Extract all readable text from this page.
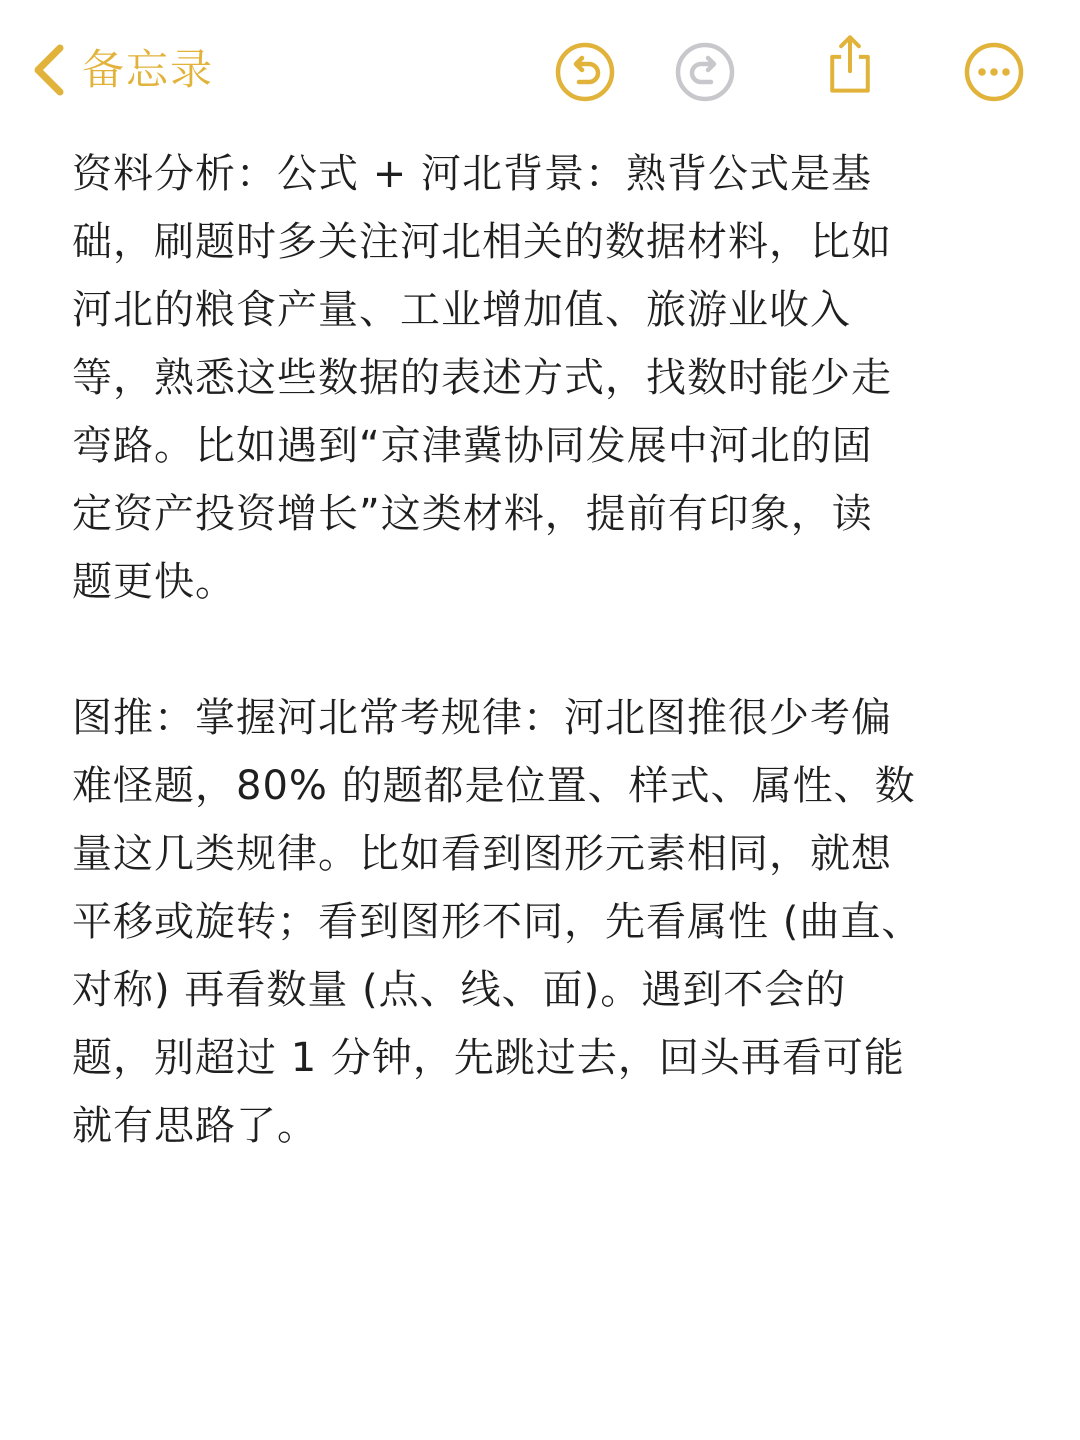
备忘录

资料分析：公式 + 河北背景：熟背公式是基
础，刷题时多关注河北相关的数据材料，比如
河北的粮食产量、工业增加值、旅游业收入
等，熟悉这些数据的表述方式，找数时能少走
弯路。比如遇到“京津冀协同发展中河北的固
定资产投资增长”这类材料，提前有印象，读
题更快。

图推：掌握河北常考规律：河北图推很少考偏
难怪题，80% 的题都是位置、样式、属性、数
量这几类规律。比如看到图形元素相同，就想
平移或旋转；看到图形不同，先看属性 (曲直、
对称) 再看数量 (点、线、面)。遇到不会的
题，别超过 1 分钟，先跳过去，回头再看可能
就有思路了。
